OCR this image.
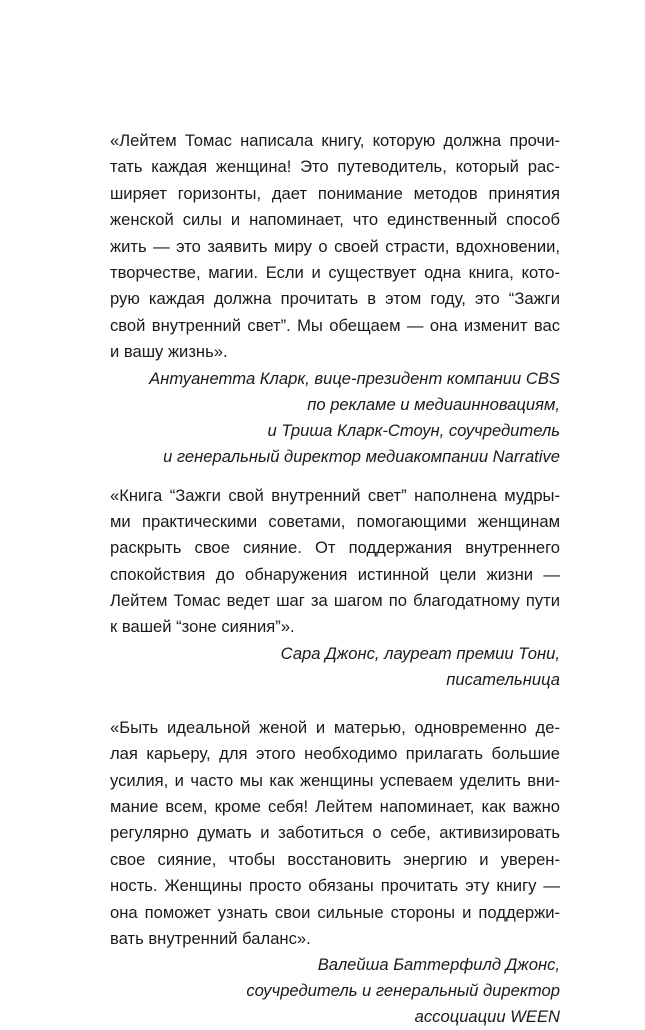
«Лейтем Томас написала книгу, которую должна прочи-
тать каждая женщина! Это путеводитель, который рас-
ширяет горизонты, дает понимание методов принятия
женской силы и напоминает, что единственный способ
жить — это заявить миру о своей страсти, вдохновении,
творчестве, магии. Если и существует одна книга, кото-
рую каждая должна прочитать в этом году, это “Зажги
свой внутренний свет”. Мы обещаем — она изменит вас
и вашу жизнь».
Антуанетта Кларк, вице-президент компании CBS
по рекламе и медиаинновациям,
и Триша Кларк-Стоун, соучредитель
и генеральный директор медиакомпании Narrative
«Книга “Зажги свой внутренний свет” наполнена мудры-
ми практическими советами, помогающими женщинам
раскрыть свое сияние. От поддержания внутреннего
спокойствия до обнаружения истинной цели жизни —
Лейтем Томас ведет шаг за шагом по благодатному пути
к вашей “зоне сияния”».
Сара Джонс, лауреат премии Тони,
писательница
«Быть идеальной женой и матерью, одновременно де-
лая карьеру, для этого необходимо прилагать большие
усилия, и часто мы как женщины успеваем уделить вни-
мание всем, кроме себя! Лейтем напоминает, как важно
регулярно думать и заботиться о себе, активизировать
свое сияние, чтобы восстановить энергию и уверен-
ность. Женщины просто обязаны прочитать эту книгу —
она поможет узнать свои сильные стороны и поддержи-
вать внутренний баланс».
Валейша Баттерфилд Джонс,
соучредитель и генеральный директор
ассоциации WEEN
